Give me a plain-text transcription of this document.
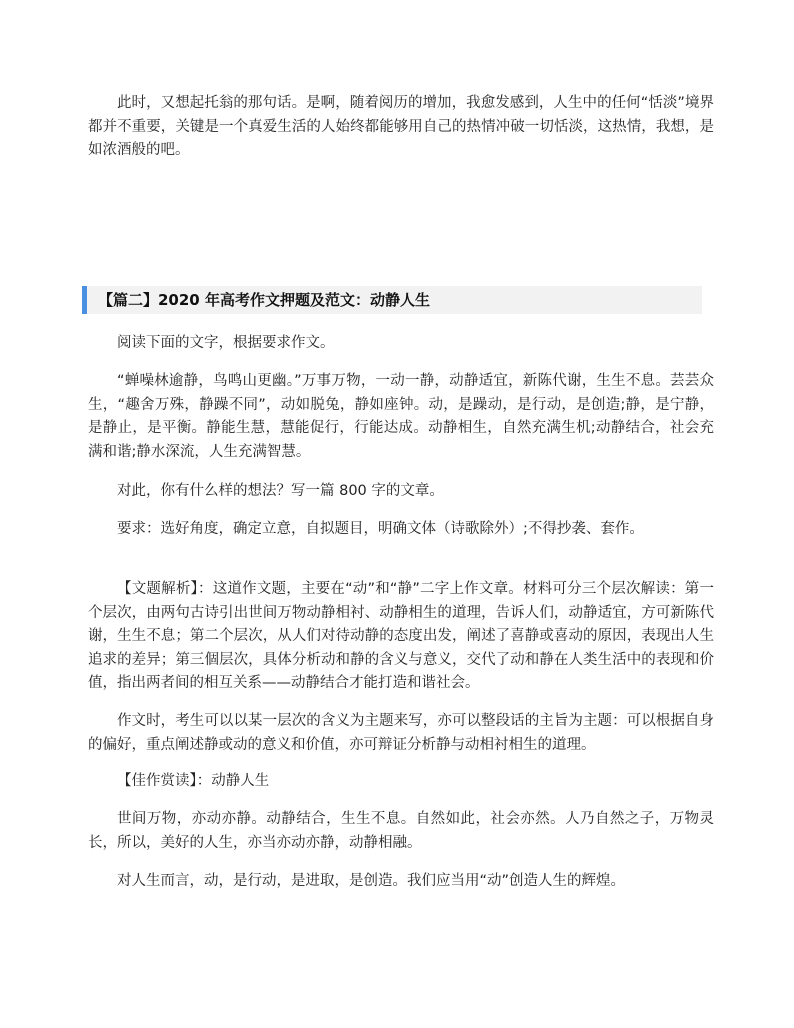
此时，又想起托翁的那句话。是啊，随着阅历的增加，我愈发感到，人生中的任何“恬淡”境界都并不重要，关键是一个真爱生活的人始终都能够用自己的热情冲破一切恬淡，这热情，我想，是如浓酒般的吧。

【篇二】2020 年高考作文押题及范文：动静人生

阅读下面的文字，根据要求作文。

“蝉噪林逾静，鸟鸣山更幽。”万事万物，一动一静，动静适宜，新陈代谢，生生不息。芸芸众生，“趣舍万殊，静躁不同”，动如脱兔，静如座钟。动，是躁动，是行动，是创造;静，是宁静，是静止，是平衡。静能生慧，慧能促行，行能达成。动静相生，自然充满生机;动静结合，社会充满和谐;静水深流，人生充满智慧。

对此，你有什么样的想法？写一篇 800 字的文章。

要求：选好角度，确定立意，自拟题目，明确文体（诗歌除外）;不得抄袭、套作。

【文题解析】：这道作文题，主要在“动”和“静”二字上作文章。材料可分三个层次解读：第一个层次，由两句古诗引出世间万物动静相衬、动静相生的道理，告诉人们，动静适宜，方可新陈代谢，生生不息；第二个层次，从人们对待动静的态度出发，阐述了喜静或喜动的原因，表现出人生追求的差异；第三個层次，具体分析动和静的含义与意义，交代了动和静在人类生活中的表现和价值，指出两者间的相互关系——动静结合才能打造和谐社会。

作文时，考生可以以某一层次的含义为主题来写，亦可以整段话的主旨为主题：可以根据自身的偏好，重点阐述静或动的意义和价值，亦可辩证分析静与动相衬相生的道理。

【佳作赏读】：动静人生

世间万物，亦动亦静。动静结合，生生不息。自然如此，社会亦然。人乃自然之子，万物灵长，所以，美好的人生，亦当亦动亦静，动静相融。

对人生而言，动，是行动，是进取，是创造。我们应当用“动”创造人生的辉煌。
